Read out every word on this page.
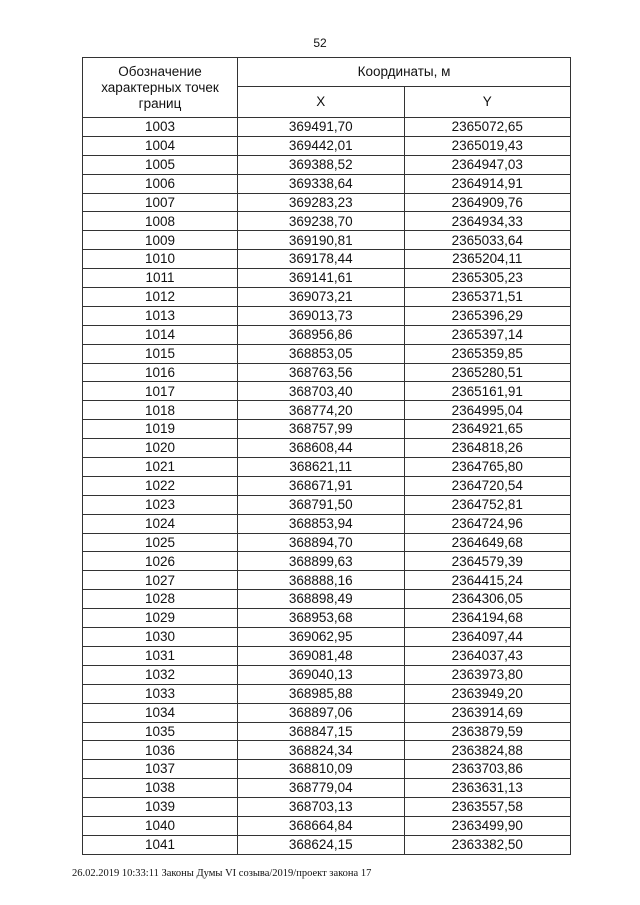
52
Обозначение характерных точек границ	Координаты, м	
	X	Y
1003	369491,70	2365072,65
1004	369442,01	2365019,43
1005	369388,52	2364947,03
1006	369338,64	2364914,91
1007	369283,23	2364909,76
1008	369238,70	2364934,33
1009	369190,81	2365033,64
1010	369178,44	2365204,11
1011	369141,61	2365305,23
1012	369073,21	2365371,51
1013	369013,73	2365396,29
1014	368956,86	2365397,14
1015	368853,05	2365359,85
1016	368763,56	2365280,51
1017	368703,40	2365161,91
1018	368774,20	2364995,04
1019	368757,99	2364921,65
1020	368608,44	2364818,26
1021	368621,11	2364765,80
1022	368671,91	2364720,54
1023	368791,50	2364752,81
1024	368853,94	2364724,96
1025	368894,70	2364649,68
1026	368899,63	2364579,39
1027	368888,16	2364415,24
1028	368898,49	2364306,05
1029	368953,68	2364194,68
1030	369062,95	2364097,44
1031	369081,48	2364037,43
1032	369040,13	2363973,80
1033	368985,88	2363949,20
1034	368897,06	2363914,69
1035	368847,15	2363879,59
1036	368824,34	2363824,88
1037	368810,09	2363703,86
1038	368779,04	2363631,13
1039	368703,13	2363557,58
1040	368664,84	2363499,90
1041	368624,15	2363382,50
26.02.2019 10:33:11 Законы Думы VI созыва/2019/проект закона 17
